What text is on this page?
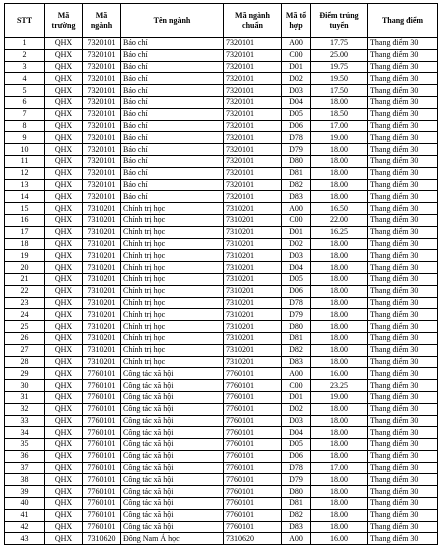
STT	Mã trường	Mã ngành	Tên ngành	Mã ngành chuẩn	Mã tổ hợp	Điểm trúng tuyển	Thang điểm
1	QHX	7320101	Báo chí	7320101	A00	17.75	Thang điểm 30
2	QHX	7320101	Báo chí	7320101	C00	25.00	Thang điểm 30
3	QHX	7320101	Báo chí	7320101	D01	19.75	Thang điểm 30
4	QHX	7320101	Báo chí	7320101	D02	19.50	Thang điểm 30
5	QHX	7320101	Báo chí	7320101	D03	17.50	Thang điểm 30
6	QHX	7320101	Báo chí	7320101	D04	18.00	Thang điểm 30
7	QHX	7320101	Báo chí	7320101	D05	18.50	Thang điểm 30
8	QHX	7320101	Báo chí	7320101	D06	17.00	Thang điểm 30
9	QHX	7320101	Báo chí	7320101	D78	19.00	Thang điểm 30
10	QHX	7320101	Báo chí	7320101	D79	18.00	Thang điểm 30
11	QHX	7320101	Báo chí	7320101	D80	18.00	Thang điểm 30
12	QHX	7320101	Báo chí	7320101	D81	18.00	Thang điểm 30
13	QHX	7320101	Báo chí	7320101	D82	18.00	Thang điểm 30
14	QHX	7320101	Báo chí	7320101	D83	18.00	Thang điểm 30
15	QHX	7310201	Chính trị học	7310201	A00	16.50	Thang điểm 30
16	QHX	7310201	Chính trị học	7310201	C00	22.00	Thang điểm 30
17	QHX	7310201	Chính trị học	7310201	D01	16.25	Thang điểm 30
18	QHX	7310201	Chính trị học	7310201	D02	18.00	Thang điểm 30
19	QHX	7310201	Chính trị học	7310201	D03	18.00	Thang điểm 30
20	QHX	7310201	Chính trị học	7310201	D04	18.00	Thang điểm 30
21	QHX	7310201	Chính trị học	7310201	D05	18.00	Thang điểm 30
22	QHX	7310201	Chính trị học	7310201	D06	18.00	Thang điểm 30
23	QHX	7310201	Chính trị học	7310201	D78	18.00	Thang điểm 30
24	QHX	7310201	Chính trị học	7310201	D79	18.00	Thang điểm 30
25	QHX	7310201	Chính trị học	7310201	D80	18.00	Thang điểm 30
26	QHX	7310201	Chính trị học	7310201	D81	18.00	Thang điểm 30
27	QHX	7310201	Chính trị học	7310201	D82	18.00	Thang điểm 30
28	QHX	7310201	Chính trị học	7310201	D83	18.00	Thang điểm 30
29	QHX	7760101	Công tác xã hội	7760101	A00	16.00	Thang điểm 30
30	QHX	7760101	Công tác xã hội	7760101	C00	23.25	Thang điểm 30
31	QHX	7760101	Công tác xã hội	7760101	D01	19.00	Thang điểm 30
32	QHX	7760101	Công tác xã hội	7760101	D02	18.00	Thang điểm 30
33	QHX	7760101	Công tác xã hội	7760101	D03	18.00	Thang điểm 30
34	QHX	7760101	Công tác xã hội	7760101	D04	18.00	Thang điểm 30
35	QHX	7760101	Công tác xã hội	7760101	D05	18.00	Thang điểm 30
36	QHX	7760101	Công tác xã hội	7760101	D06	18.00	Thang điểm 30
37	QHX	7760101	Công tác xã hội	7760101	D78	17.00	Thang điểm 30
38	QHX	7760101	Công tác xã hội	7760101	D79	18.00	Thang điểm 30
39	QHX	7760101	Công tác xã hội	7760101	D80	18.00	Thang điểm 30
40	QHX	7760101	Công tác xã hội	7760101	D81	18.00	Thang điểm 30
41	QHX	7760101	Công tác xã hội	7760101	D82	18.00	Thang điểm 30
42	QHX	7760101	Công tác xã hội	7760101	D83	18.00	Thang điểm 30
43	QHX	7310620	Đông Nam Á học	7310620	A00	16.00	Thang điểm 30
